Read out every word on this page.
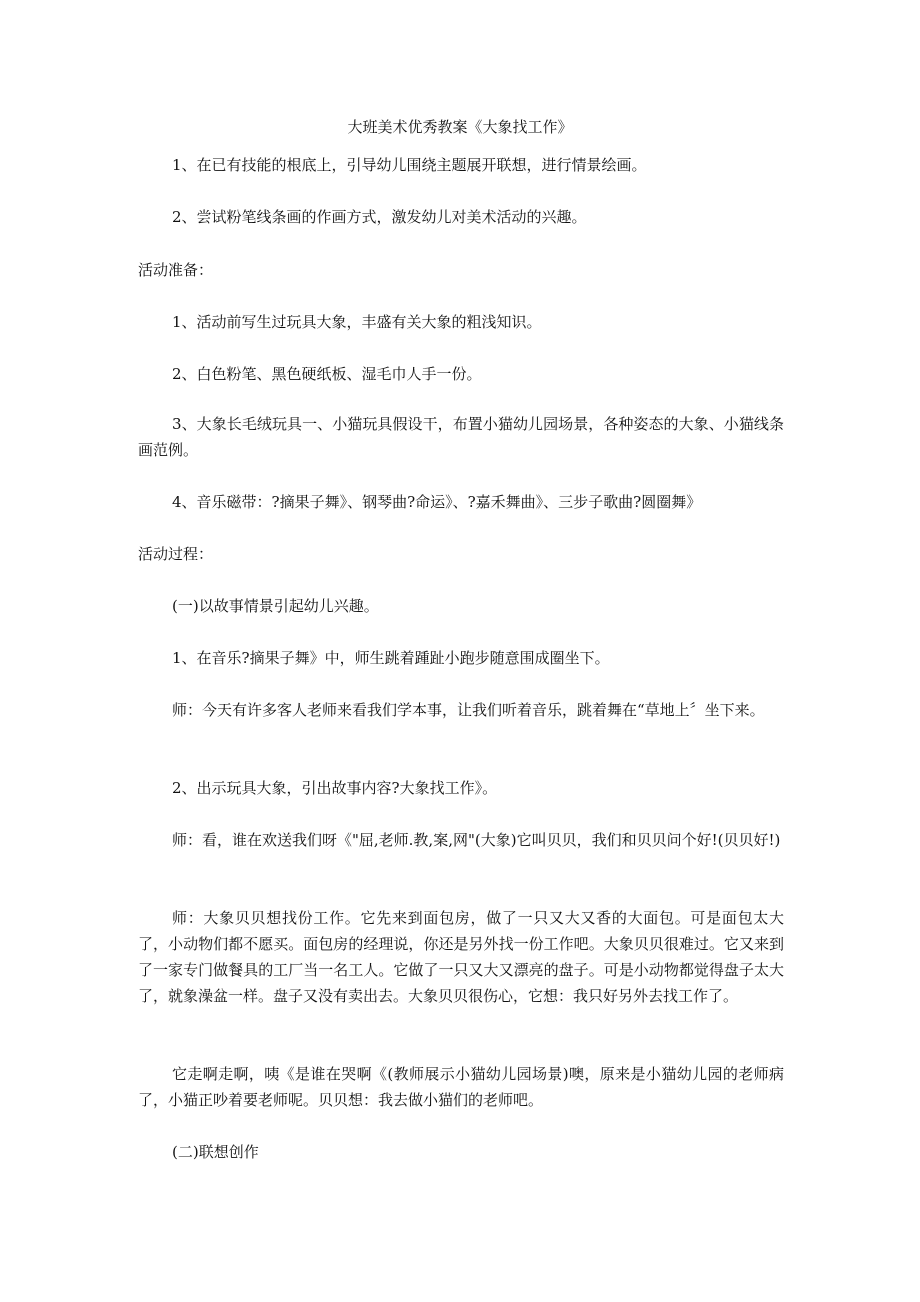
大班美术优秀教案《大象找工作》

1、在已有技能的根底上，引导幼儿围绕主题展开联想，进行情景绘画。

2、尝试粉笔线条画的作画方式，激发幼儿对美术活动的兴趣。

活动准备：

1、活动前写生过玩具大象，丰盛有关大象的粗浅知识。

2、白色粉笔、黑色硬纸板、湿毛巾人手一份。

3、大象长毛绒玩具一、小猫玩具假设干，布置小猫幼儿园场景，各种姿态的大象、小猫线条画范例。

4、音乐磁带：?摘果子舞》、钢琴曲?命运》、?嘉禾舞曲》、三步子歌曲?圆圈舞》

活动过程：

(一)以故事情景引起幼儿兴趣。

1、在音乐?摘果子舞》中，师生跳着踵趾小跑步随意围成圈坐下。

师：今天有许多客人老师来看我们学本事，让我们听着音乐，跳着舞在“草地上〞坐下来。

2、出示玩具大象，引出故事内容?大象找工作》。

师：看，谁在欢送我们呀《"屈,老师.教,案,网"(大象)它叫贝贝，我们和贝贝问个好!(贝贝好!)

师：大象贝贝想找份工作。它先来到面包房，做了一只又大又香的大面包。可是面包太大了，小动物们都不愿买。面包房的经理说，你还是另外找一份工作吧。大象贝贝很难过。它又来到了一家专门做餐具的工厂当一名工人。它做了一只又大又漂亮的盘子。可是小动物都觉得盘子太大了，就象澡盆一样。盘子又没有卖出去。大象贝贝很伤心，它想：我只好另外去找工作了。

它走啊走啊，咦《是谁在哭啊《(教师展示小猫幼儿园场景)噢，原来是小猫幼儿园的老师病了，小猫正吵着要老师呢。贝贝想：我去做小猫们的老师吧。

(二)联想创作
